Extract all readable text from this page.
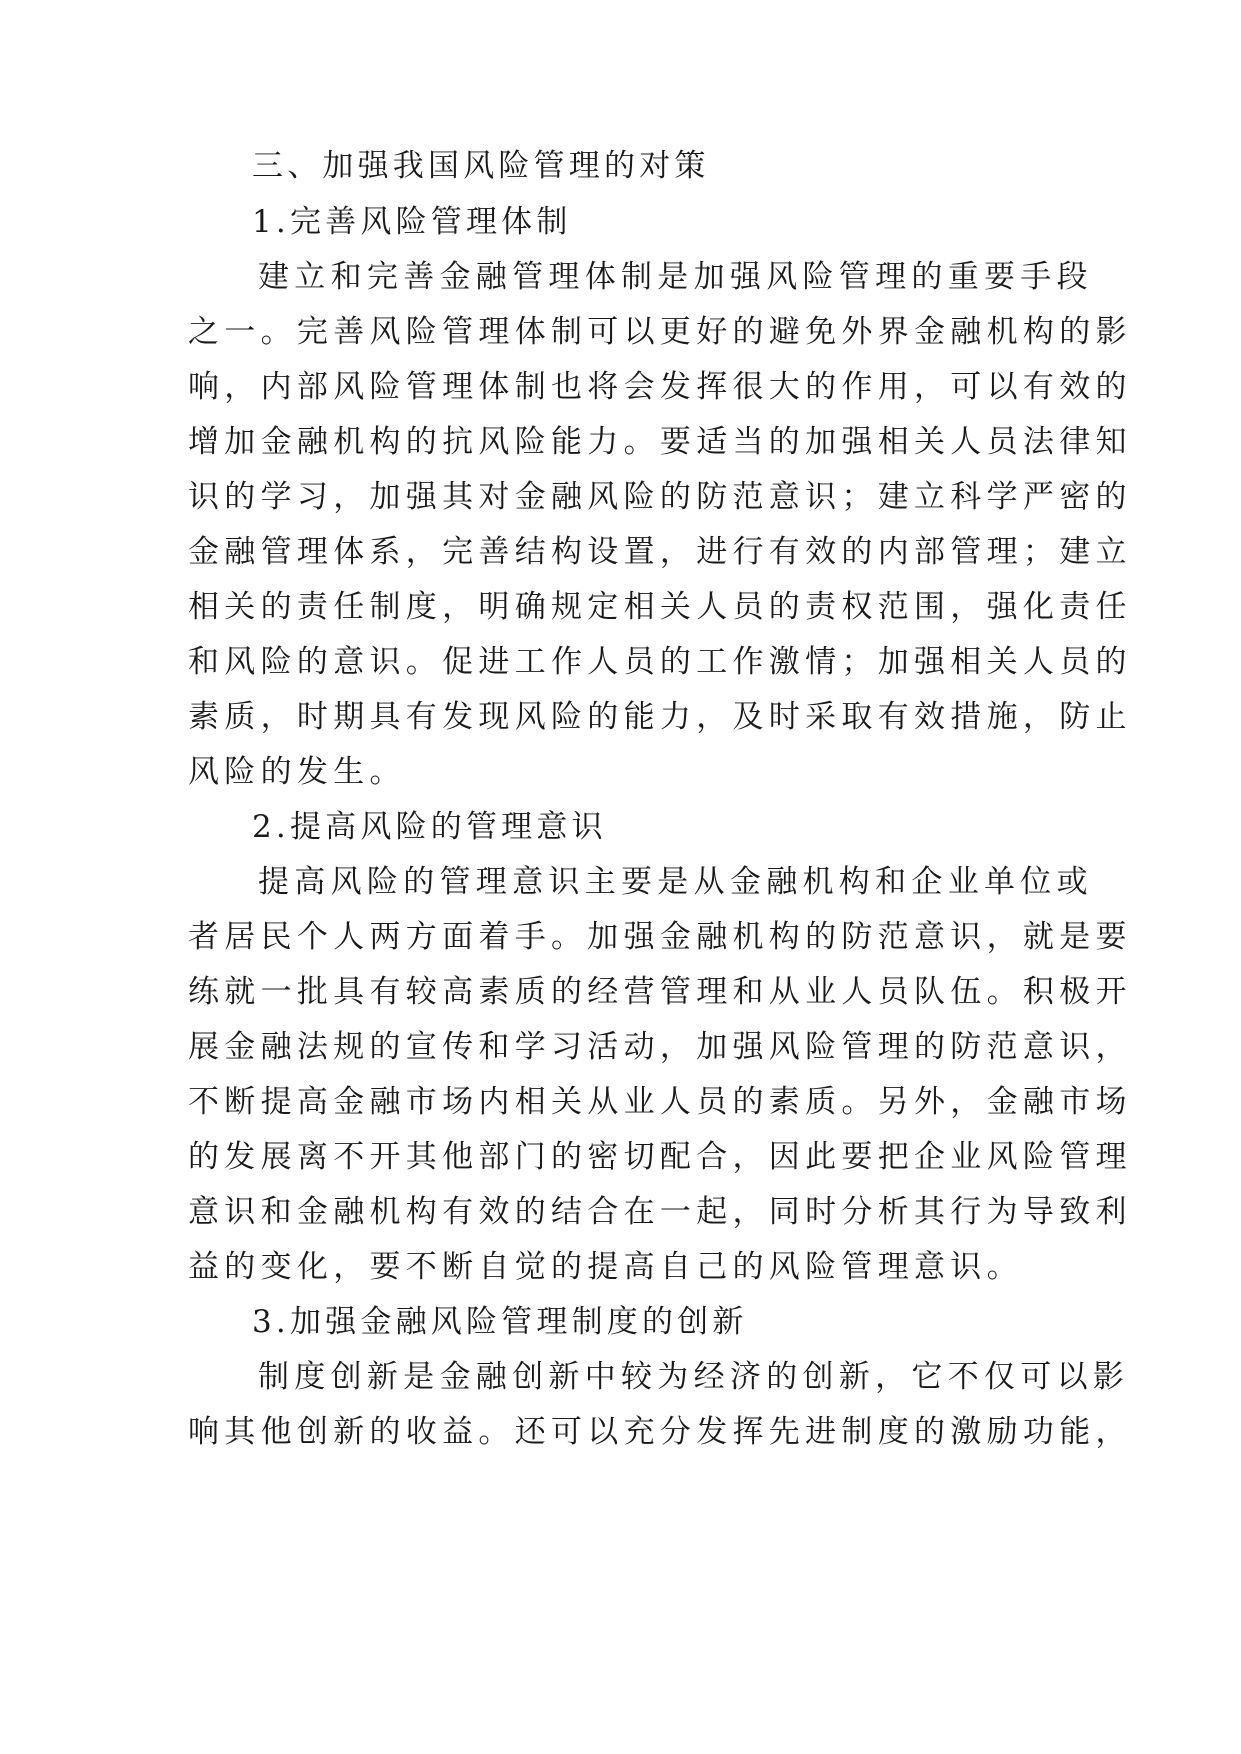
三、加强我国风险管理的对策
1.完善风险管理体制
建立和完善金融管理体制是加强风险管理的重要手段
之一。完善风险管理体制可以更好的避免外界金融机构的影
响，内部风险管理体制也将会发挥很大的作用，可以有效的
增加金融机构的抗风险能力。要适当的加强相关人员法律知
识的学习，加强其对金融风险的防范意识；建立科学严密的
金融管理体系，完善结构设置，进行有效的内部管理；建立
相关的责任制度，明确规定相关人员的责权范围，强化责任
和风险的意识。促进工作人员的工作激情；加强相关人员的
素质，时期具有发现风险的能力，及时采取有效措施，防止
风险的发生。
2.提高风险的管理意识
提高风险的管理意识主要是从金融机构和企业单位或
者居民个人两方面着手。加强金融机构的防范意识，就是要
练就一批具有较高素质的经营管理和从业人员队伍。积极开
展金融法规的宣传和学习活动，加强风险管理的防范意识，
不断提高金融市场内相关从业人员的素质。另外，金融市场
的发展离不开其他部门的密切配合，因此要把企业风险管理
意识和金融机构有效的结合在一起，同时分析其行为导致利
益的变化，要不断自觉的提高自己的风险管理意识。
3.加强金融风险管理制度的创新
制度创新是金融创新中较为经济的创新，它不仅可以影
响其他创新的收益。还可以充分发挥先进制度的激励功能，
